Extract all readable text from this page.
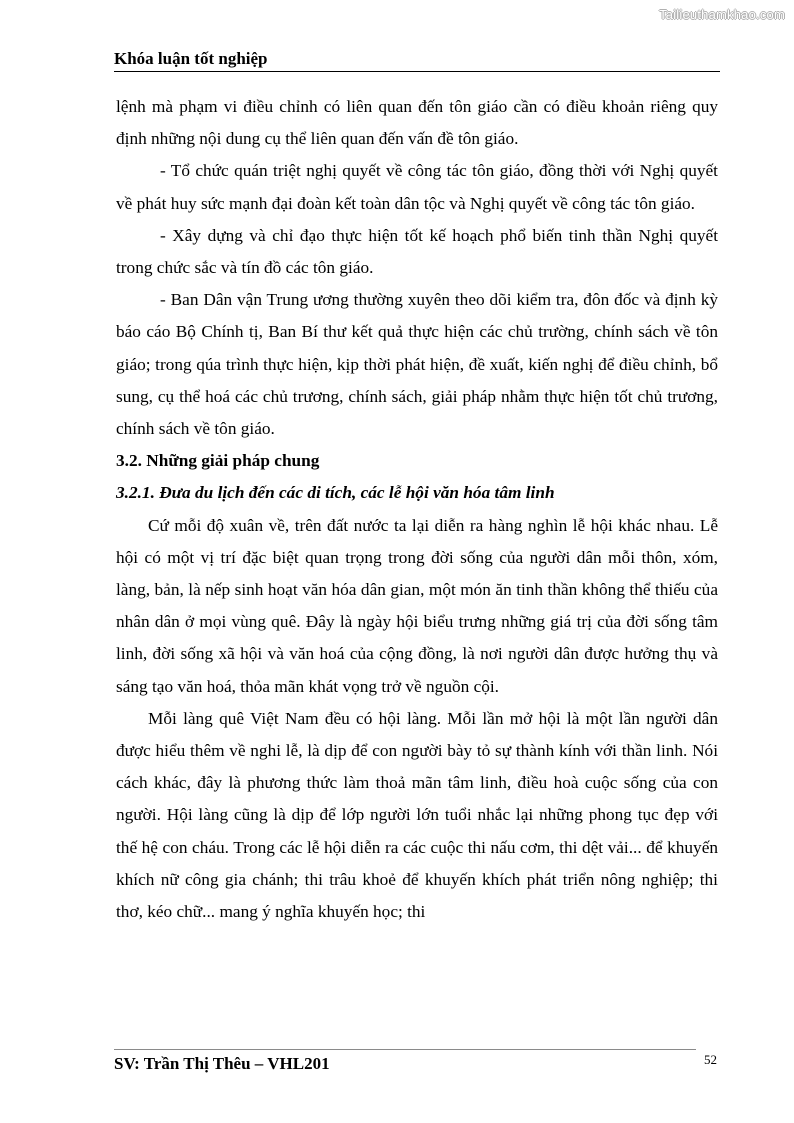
Tailieuthamkhao.com
Khóa luận tốt nghiệp

lệnh mà phạm vi điều chỉnh có liên quan đến tôn giáo cần có điều khoản riêng quy định những nội dung cụ thể liên quan đến vấn đề tôn giáo.

- Tổ chức quán triệt nghị quyết về công tác tôn giáo, đồng thời với Nghị quyết về phát huy sức mạnh đại đoàn kết toàn dân tộc và Nghị quyết về công tác tôn giáo.

- Xây dựng và chỉ đạo thực hiện tốt kế hoạch phổ biến tinh thần Nghị quyết trong chức sắc và tín đồ các tôn giáo.

- Ban Dân vận Trung ương thường xuyên theo dõi kiểm tra, đôn đốc và định kỳ báo cáo Bộ Chính tị, Ban Bí thư kết quả thực hiện các chủ trường, chính sách về tôn giáo; trong qúa trình thực hiện, kịp thời phát hiện, đề xuất, kiến nghị để điều chỉnh, bổ sung, cụ thể hoá các chủ trương, chính sách, giải pháp nhằm thực hiện tốt chủ trương, chính sách về tôn giáo.

3.2. Những giải pháp chung
3.2.1. Đưa du lịch đến các di tích, các lễ hội văn hóa tâm linh

Cứ mỗi độ xuân về, trên đất nước ta lại diễn ra hàng nghìn lễ hội khác nhau. Lễ hội có một vị trí đặc biệt quan trọng trong đời sống của người dân mỗi thôn, xóm, làng, bản, là nếp sinh hoạt văn hóa dân gian, một món ăn tinh thần không thể thiếu của nhân dân ở mọi vùng quê. Đây là ngày hội biểu trưng những giá trị của đời sống tâm linh, đời sống xã hội và văn hoá của cộng đồng, là nơi người dân được hưởng thụ và sáng tạo văn hoá, thỏa mãn khát vọng trở về nguồn cội.

Mỗi làng quê Việt Nam đều có hội làng. Mỗi lần mở hội là một lần người dân được hiểu thêm về nghi lễ, là dịp để con người bày tỏ sự thành kính với thần linh. Nói cách khác, đây là phương thức làm thoả mãn tâm linh, điều hoà cuộc sống của con người. Hội làng cũng là dịp để lớp người lớn tuổi nhắc lại những phong tục đẹp với thế hệ con cháu. Trong các lễ hội diễn ra các cuộc thi nấu cơm, thi dệt vải... để khuyến khích nữ công gia chánh; thi trâu khoẻ để khuyến khích phát triển nông nghiệp; thi thơ, kéo chữ... mang ý nghĩa khuyến học; thi

SV: Trần Thị Thêu – VHL201	52
